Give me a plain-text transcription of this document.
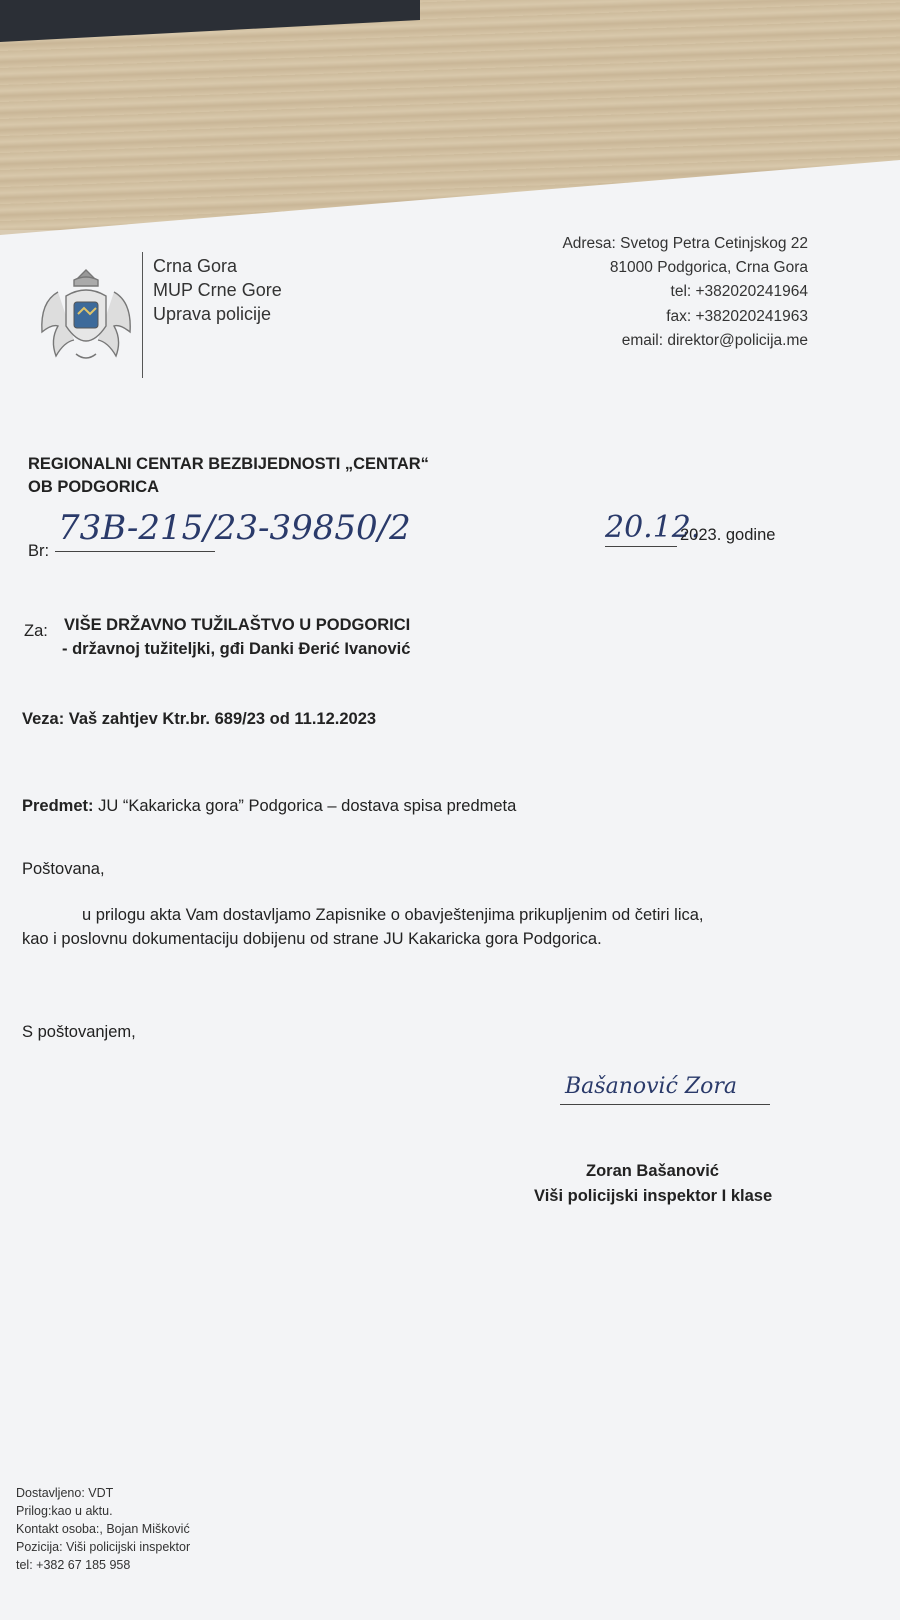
Crna Gora
MUP Crne Gore
Uprava policije
Adresa: Svetog Petra Cetinjskog 22
81000 Podgorica, Crna Gora
tel: +382020241964
fax: +382020241963
email: direktor@policija.me
REGIONALNI CENTAR BEZBIJEDNOSTI „CENTAR“
OB PODGORICA
Br:
73B-215/23-39850/2	20.12.
2023. godine
Za: VIŠE DRŽAVNO TUŽILAŠTVO U PODGORICI
- državnoj tužiteljki, gđi Danki Đerić Ivanović
Veza: Vaš zahtjev Ktr.br. 689/23 od 11.12.2023
Predmet: JU “Kakaricka gora” Podgorica – dostava spisa predmeta
Poštovana,
u prilogu akta Vam dostavljamo Zapisnike o obavještenjima prikupljenim od četiri lica,
kao i poslovnu dokumentaciju dobijenu od strane JU Kakaricka gora Podgorica.
S poštovanjem,
Bašanović Zora
Zoran Bašanović
Viši policijski inspektor I klase
Dostavljeno: VDT
Prilog:kao u aktu.
Kontakt osoba:, Bojan Mišković
Pozicija: Viši policijski inspektor
tel: +382 67 185 958
